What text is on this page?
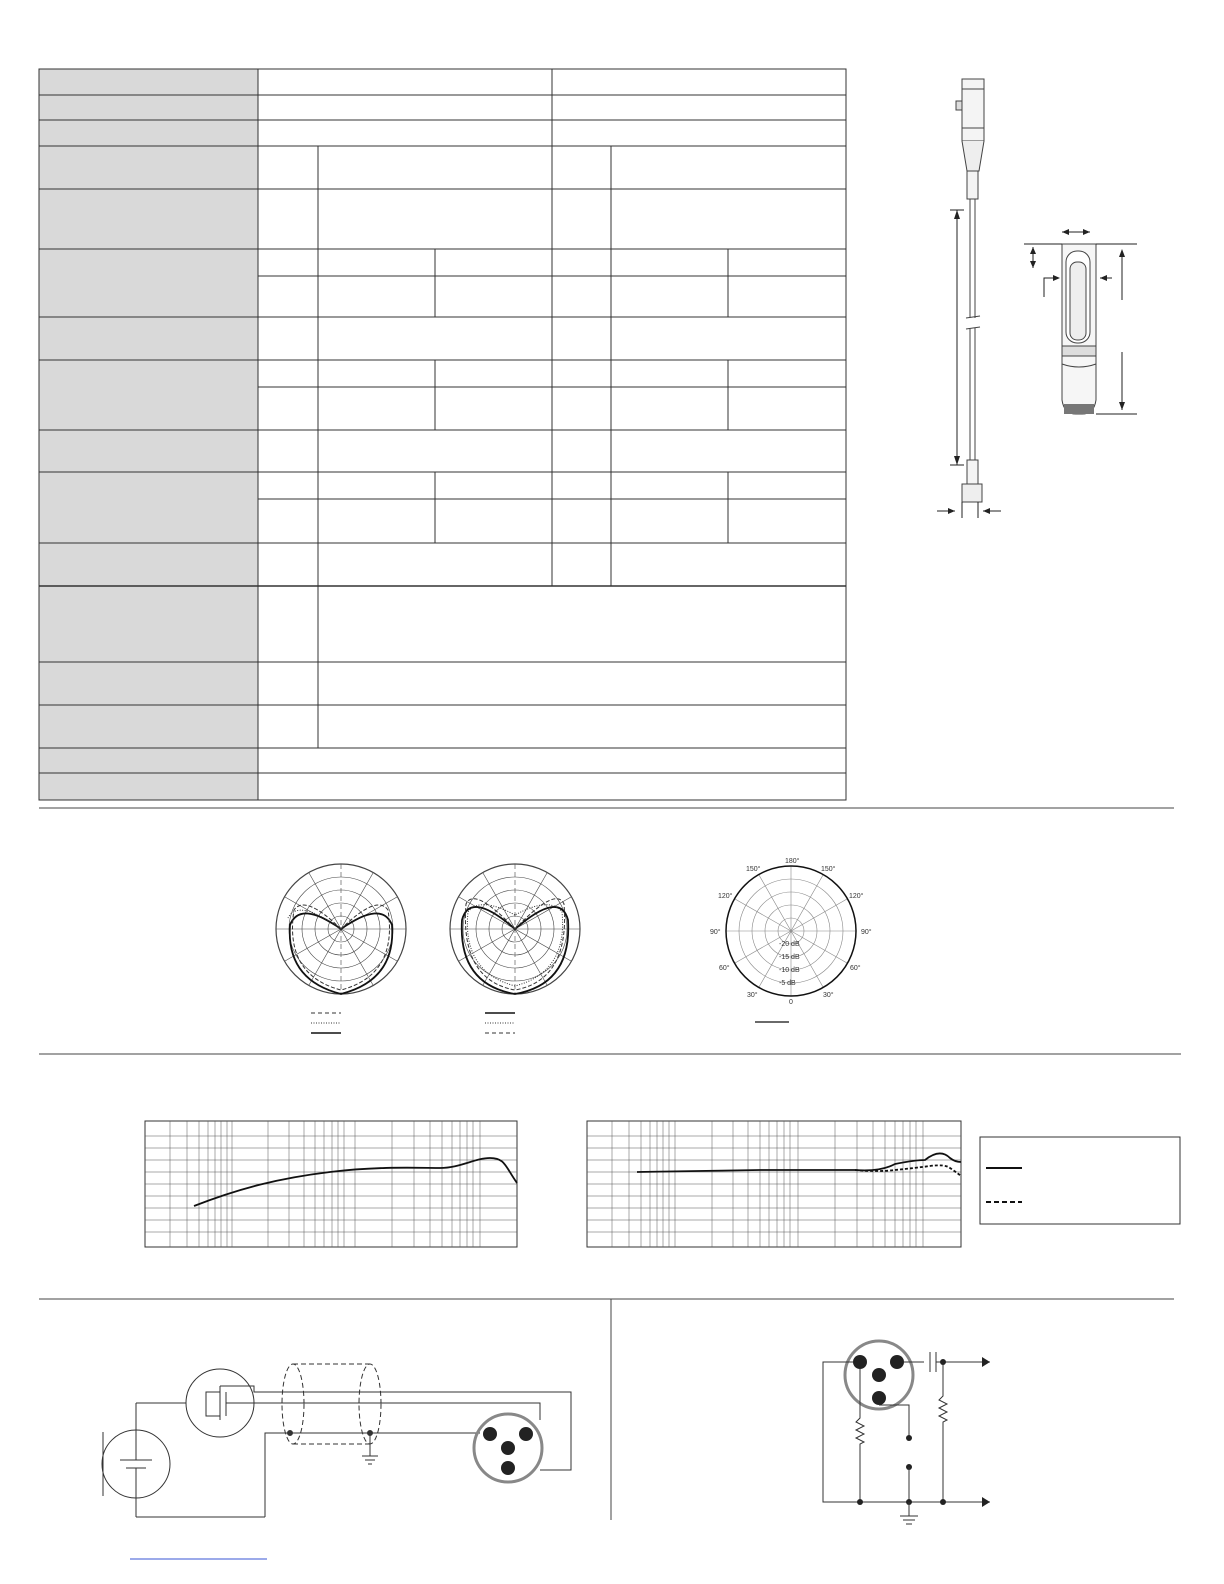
180°
150°	150°
120°	120°
90°	90°
60°	60°
30°	30°
0
-20 dB
-15 dB
-10 dB
-5 dB
